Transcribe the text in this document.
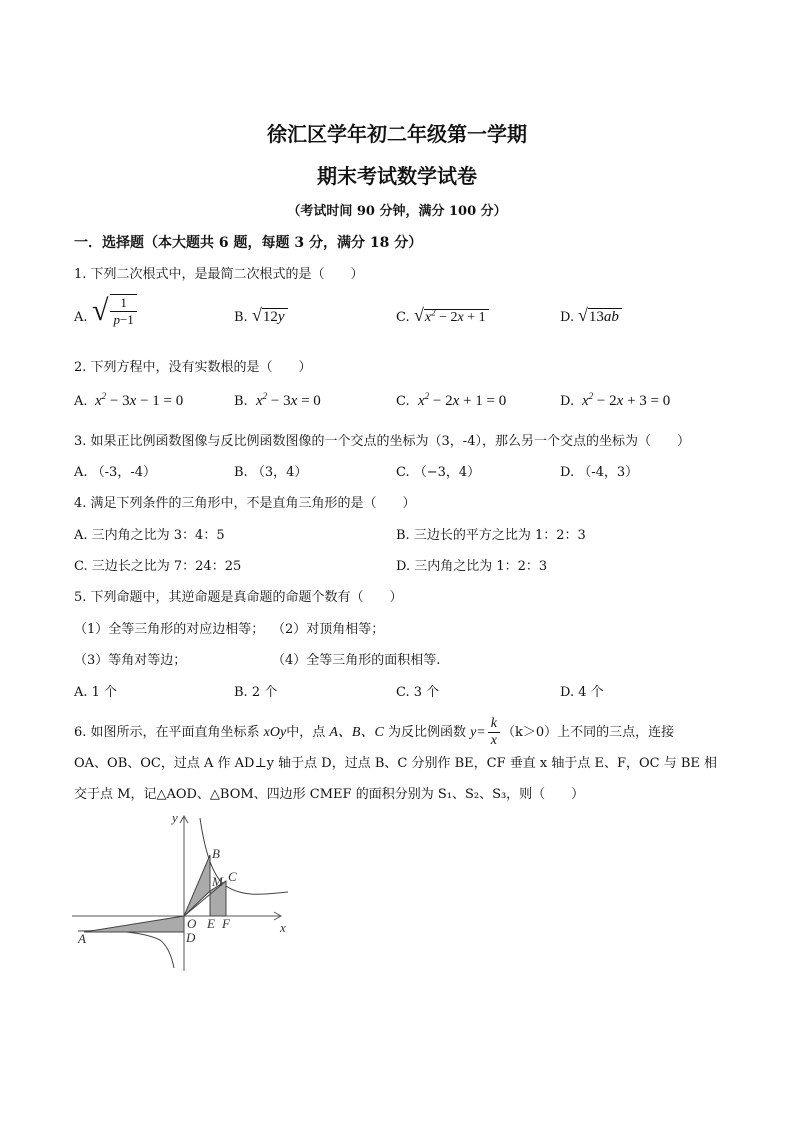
徐汇区学年初二年级第一学期
期末考试数学试卷
（考试时间 90 分钟，满分 100 分）
一．选择题（本大题共 6 题，每题 3 分，满分 18 分）
1. 下列二次根式中，是最简二次根式的是（　　）
A. √ $\frac{1}{p-1}$	B. √12y	C. $√x^2 - 2x + 1$	D. √13ab
2. 下列方程中，没有实数根的是（　　）
A. $x^2 - 3x - 1 = 0$	B. $x^2 - 3x = 0$	C. $x^2 - 2x + 1 = 0$	D. $x^2 - 2x + 3 = 0$
3. 如果正比例函数图像与反比例函数图像的一个交点的坐标为（3，-4），那么另一个交点的坐标为（　　）
A. （-3，-4）	B. （3，4）	C. （−3，4）	D. （-4，3）
4. 满足下列条件的三角形中，不是直角三角形的是（　　）
A. 三内角之比为 3：4：5	B. 三边长的平方之比为 1：2：3
C. 三边长之比为 7：24：25	D. 三内角之比为 1：2：3
5. 下列命题中，其逆命题是真命题的命题个数有（　　）
（1）全等三角形的对应边相等； （2）对顶角相等；
（3）等角对等边；	（4）全等三角形的面积相等.
A. 1 个	B. 2 个	C. 3 个	D. 4 个
6. 如图所示，在平面直角坐标系 xOy中，点 A、B、C 为反比例函数 $y= \frac{k}{x} (k>0)$上不同的三点，连接
OA、OB、OC，过点 A 作 AD⊥y 轴于点 D，过点 B、C 分别作 BE，CF 垂直 x 轴于点 E、F，OC 与 BE 相
交于点 M，记△AOD、△BOM、四边形 CMEF 的面积分别为 S₁、S₂、S₃，则（　　）
y
x
B
C
M
O E F
A	D
